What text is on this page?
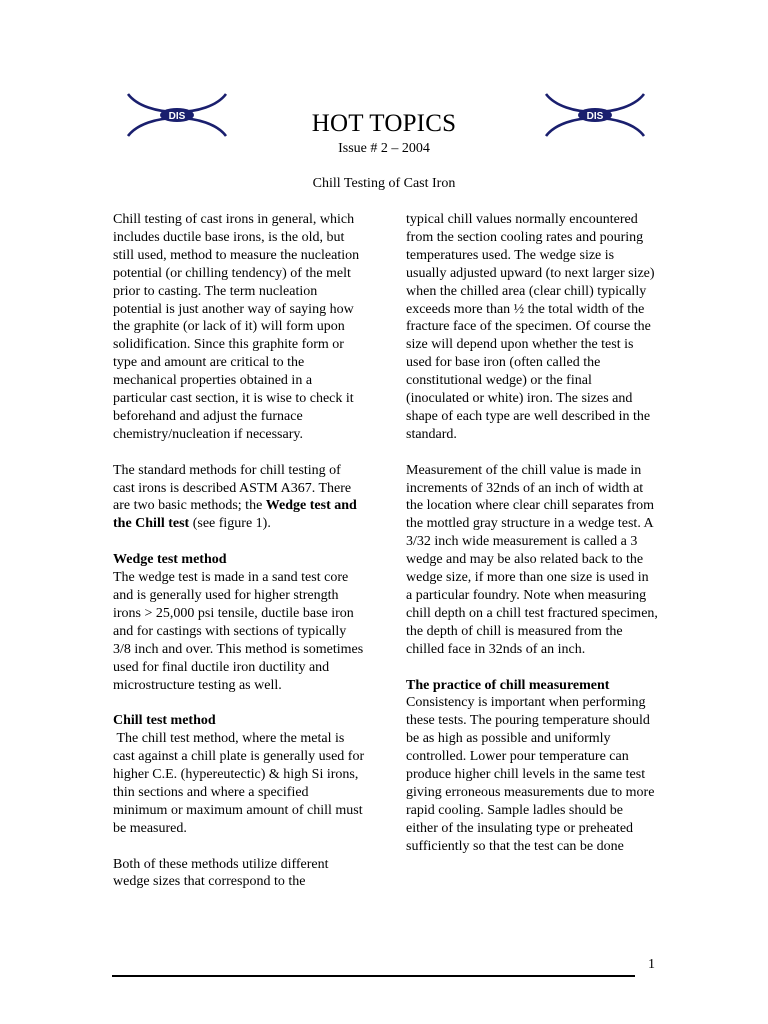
DIS	DIS
HOT TOPICS
Issue # 2 – 2004
Chill Testing of Cast Iron

Chill testing of cast irons in general, which includes ductile base irons, is the old, but still used, method to measure the nucleation potential (or chilling tendency) of the melt prior to casting. The term nucleation potential is just another way of saying how the graphite (or lack of it) will form upon solidification. Since this graphite form or type and amount are critical to the mechanical properties obtained in a particular cast section, it is wise to check it beforehand and adjust the furnace chemistry/nucleation if necessary.

The standard methods for chill testing of cast irons is described ASTM A367. There are two basic methods; the Wedge test and the Chill test (see figure 1).

Wedge test method

The wedge test is made in a sand test core and is generally used for higher strength irons > 25,000 psi tensile, ductile base iron and for castings with sections of typically 3/8 inch and over. This method is sometimes used for final ductile iron ductility and microstructure testing as well.

Chill test method

The chill test method, where the metal is cast against a chill plate is generally used for higher C.E. (hypereutectic) & high Si irons, thin sections and where a specified minimum or maximum amount of chill must be measured.

Both of these methods utilize different wedge sizes that correspond to the

typical chill values normally encountered from the section cooling rates and pouring temperatures used. The wedge size is usually adjusted upward (to next larger size) when the chilled area (clear chill) typically exceeds more than ½ the total width of the fracture face of the specimen. Of course the size will depend upon whether the test is used for base iron (often called the constitutional wedge) or the final (inoculated or white) iron. The sizes and shape of each type are well described in the standard.

Measurement of the chill value is made in increments of 32nds of an inch of width at the location where clear chill separates from the mottled gray structure in a wedge test. A 3/32 inch wide measurement is called a 3 wedge and may be also related back to the wedge size, if more than one size is used in a particular foundry. Note when measuring chill depth on a chill test fractured specimen, the depth of chill is measured from the chilled face in 32nds of an inch.

The practice of chill measurement

Consistency is important when performing these tests. The pouring temperature should be as high as possible and uniformly controlled. Lower pour temperature can produce higher chill levels in the same test giving erroneous measurements due to more rapid cooling. Sample ladles should be either of the insulating type or preheated sufficiently so that the test can be done

1
